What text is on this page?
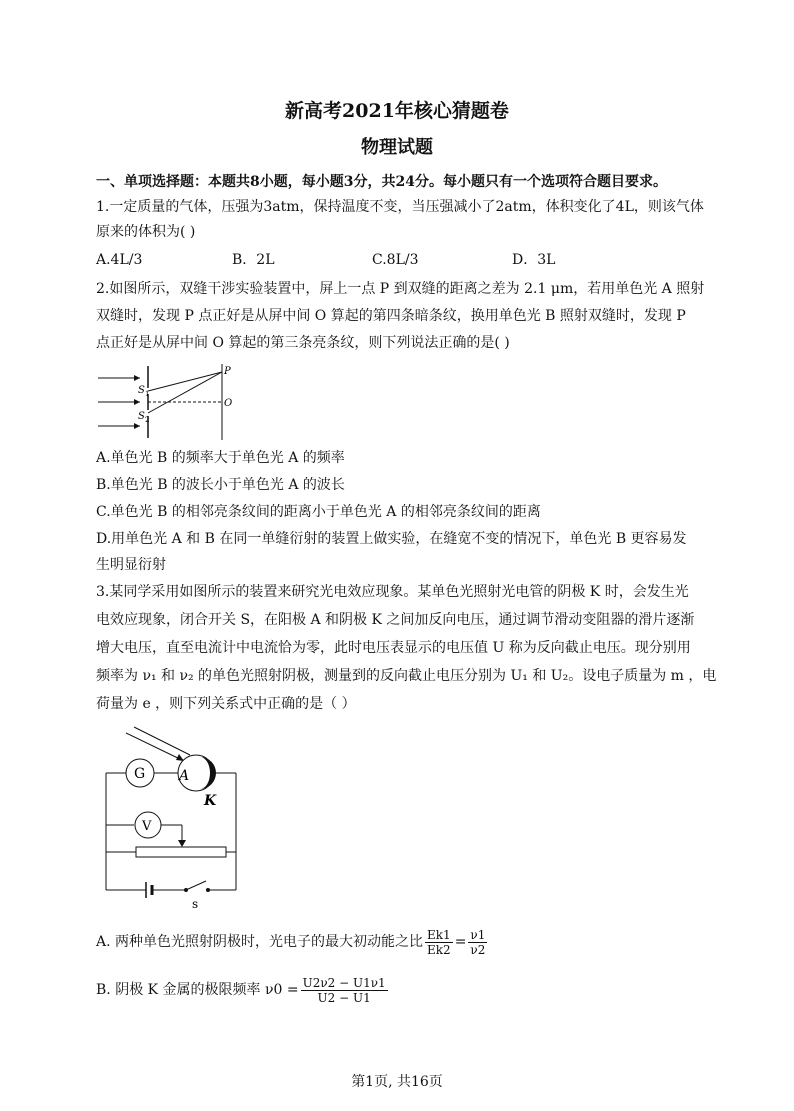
新高考2021年核心猜题卷
物理试题
一、单项选择题：本题共8小题，每小题3分，共24分。每小题只有一个选项符合题目要求。
1.一定质量的气体，压强为3atm，保持温度不变，当压强减小了2atm，体积变化了4L，则该气体
原来的体积为( )
A.4L/3	B．2L	C.8L/3	D．3L
2.如图所示，双缝干涉实验装置中，屏上一点 P 到双缝的距离之差为 2.1 μm，若用单色光 A 照射
双缝时，发现 P 点正好是从屏中间 O 算起的第四条暗条纹，换用单色光 B 照射双缝时，发现 P
点正好是从屏中间 O 算起的第三条亮条纹，则下列说法正确的是( )
S 1
S 2
P
O
A.单色光 B 的频率大于单色光 A 的频率
B.单色光 B 的波长小于单色光 A 的波长
C.单色光 B 的相邻亮条纹间的距离小于单色光 A 的相邻亮条纹间的距离
D.用单色光 A 和 B 在同一单缝衍射的装置上做实验，在缝宽不变的情况下，单色光 B 更容易发
生明显衍射
3.某同学采用如图所示的装置来研究光电效应现象。某单色光照射光电管的阴极 K 时，会发生光
电效应现象，闭合开关 S，在阳极 A 和阴极 K 之间加反向电压，通过调节滑动变阻器的滑片逐渐
增大电压，直至电流计中电流恰为零，此时电压表显示的电压值 U 称为反向截止电压。现分别用
频率为 ν₁ 和 ν₂ 的单色光照射阴极，测量到的反向截止电压分别为 U₁ 和 U₂。设电子质量为 m ，电
荷量为 e ，则下列关系式中正确的是（ ）
G A
K
V
s
A. 两种单色光照射阴极时，光电子的最大初动能之比 $\frac{Ek1}{Ek2} = \frac{\nu 1}{\nu 2}$
B. 阴极 K 金属的极限频率 $\nu 0 = \frac{U2\nu 2 - U1\nu 1}{U2 - U1}$
第1页, 共16页
